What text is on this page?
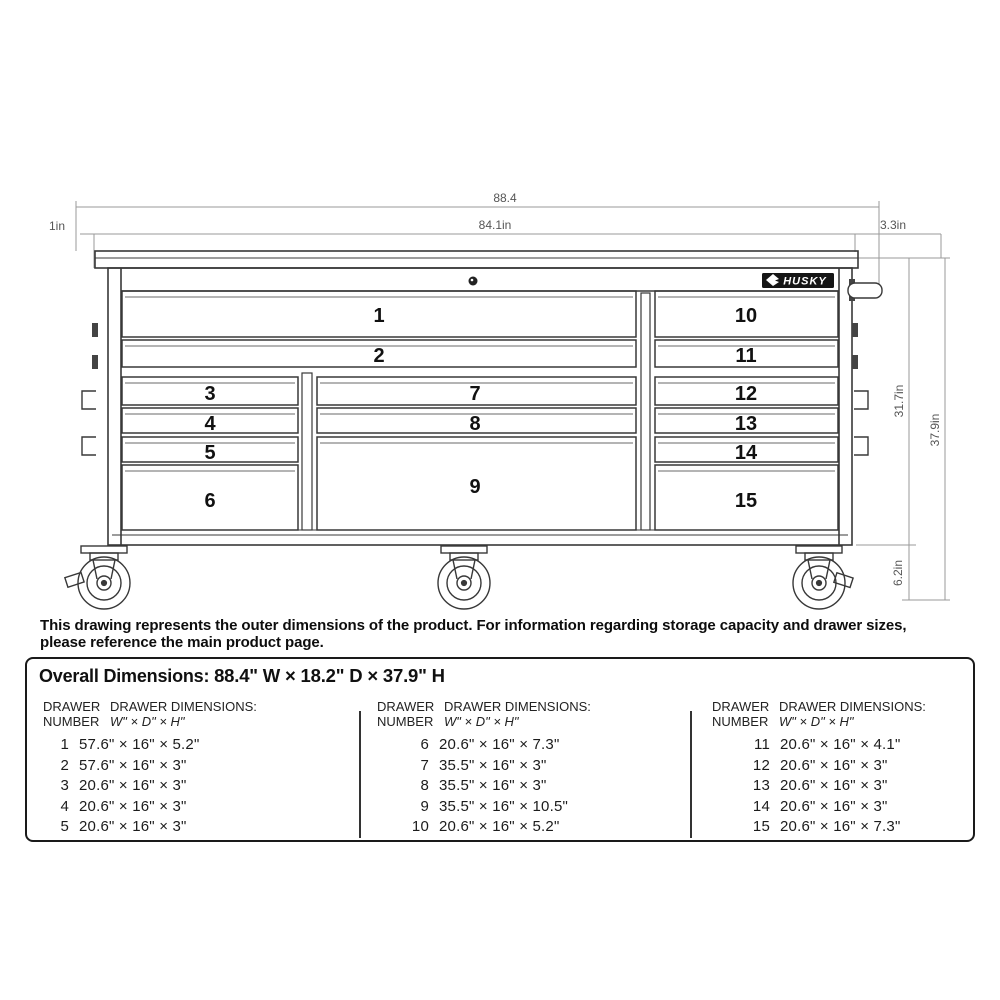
88.4
84.1in
1in	3.3in
31.7in
37.9in
6.2in
HUSKY
1
2
3
4
5
6
7
8
9
10
11
12
13
14
15
This drawing represents the outer dimensions of the product. For information regarding storage capacity and drawer sizes,
please reference the main product page.
Overall Dimensions: 88.4" W × 18.2" D × 37.9" H
DRAWER
NUMBER
DRAWER DIMENSIONS:
W" × D" × H"
1 57.6" × 16" × 5.2"
2 57.6" × 16" × 3"
3 20.6" × 16" × 3"
4 20.6" × 16" × 3"
5 20.6" × 16" × 3"
DRAWER
NUMBER
DRAWER DIMENSIONS:
W" × D" × H"
6 20.6" × 16" × 7.3"
7 35.5" × 16" × 3"
8 35.5" × 16" × 3"
9 35.5" × 16" × 10.5"
10 20.6" × 16" × 5.2"
DRAWER
NUMBER
DRAWER DIMENSIONS:
W" × D" × H"
11 20.6" × 16" × 4.1"
12 20.6" × 16" × 3"
13 20.6" × 16" × 3"
14 20.6" × 16" × 3"
15 20.6" × 16" × 7.3"
